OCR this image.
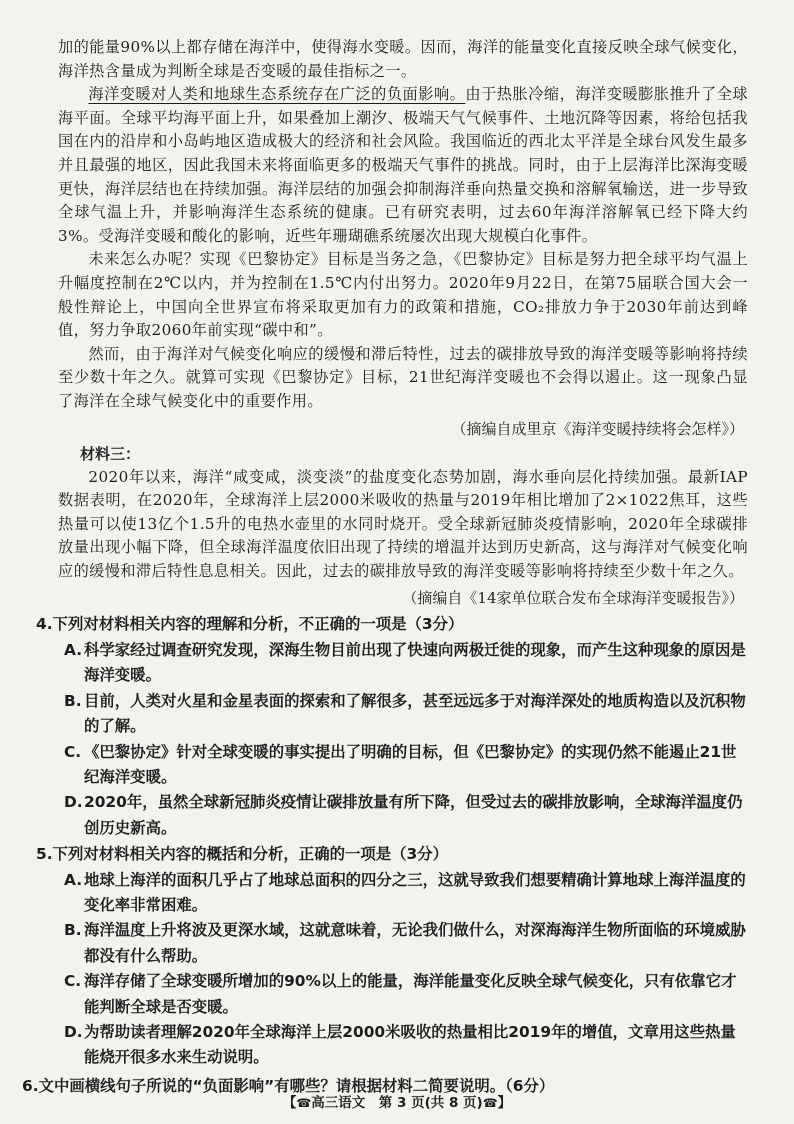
加的能量90%以上都存储在海洋中，使得海水变暖。因而，海洋的能量变化直接反映全球气候变化，海洋热含量成为判断全球是否变暖的最佳指标之一。

海洋变暖对人类和地球生态系统存在广泛的负面影响。由于热胀冷缩，海洋变暖膨胀推升了全球海平面。全球平均海平面上升，如果叠加上潮汐、极端天气气候事件、土地沉降等因素，将给包括我国在内的沿岸和小岛屿地区造成极大的经济和社会风险。我国临近的西北太平洋是全球台风发生最多并且最强的地区，因此我国未来将面临更多的极端天气事件的挑战。同时，由于上层海洋比深海变暖更快，海洋层结也在持续加强。海洋层结的加强会抑制海洋垂向热量交换和溶解氧输送，进一步导致全球气温上升，并影响海洋生态系统的健康。已有研究表明，过去60年海洋溶解氧已经下降大约3%。受海洋变暖和酸化的影响，近些年珊瑚礁系统屡次出现大规模白化事件。

未来怎么办呢？实现《巴黎协定》目标是当务之急，《巴黎协定》目标是努力把全球平均气温上升幅度控制在2℃以内，并为控制在1.5℃内付出努力。2020年9月22日，在第75届联合国大会一般性辩论上，中国向全世界宣布将采取更加有力的政策和措施，CO₂排放力争于2030年前达到峰值，努力争取2060年前实现“碳中和”。

然而，由于海洋对气候变化响应的缓慢和滞后特性，过去的碳排放导致的海洋变暖等影响将持续至少数十年之久。就算可实现《巴黎协定》目标，21世纪海洋变暖也不会得以遏止。这一现象凸显了海洋在全球气候变化中的重要作用。

（摘编自成里京《海洋变暖持续将会怎样》）

材料三：

2020年以来，海洋“咸变咸，淡变淡”的盐度变化态势加剧，海水垂向层化持续加强。最新IAP数据表明，在2020年，全球海洋上层2000米吸收的热量与2019年相比增加了2×1022焦耳，这些热量可以使13亿个1.5升的电热水壶里的水同时烧开。受全球新冠肺炎疫情影响，2020年全球碳排放量出现小幅下降，但全球海洋温度依旧出现了持续的增温并达到历史新高，这与海洋对气候变化响应的缓慢和滞后特性息息相关。因此，过去的碳排放导致的海洋变暖等影响将持续至少数十年之久。

（摘编自《14家单位联合发布全球海洋变暖报告》）

4.下列对材料相关内容的理解和分析，不正确的一项是（3分）

A. 科学家经过调查研究发现，深海生物目前出现了快速向两极迁徙的现象，而产生这种现象的原因是海洋变暖。

B. 目前，人类对火星和金星表面的探索和了解很多，甚至远远多于对海洋深处的地质构造以及沉积物的了解。

C. 《巴黎协定》针对全球变暖的事实提出了明确的目标，但《巴黎协定》的实现仍然不能遏止21世纪海洋变暖。

D.2020年，虽然全球新冠肺炎疫情让碳排放量有所下降，但受过去的碳排放影响，全球海洋温度仍创历史新高。

5.下列对材料相关内容的概括和分析，正确的一项是（3分）

A. 地球上海洋的面积几乎占了地球总面积的四分之三，这就导致我们想要精确计算地球上海洋温度的变化率非常困难。

B. 海洋温度上升将波及更深水域，这就意味着，无论我们做什么，对深海海洋生物所面临的环境威胁都没有什么帮助。

C. 海洋存储了全球变暖所增加的90%以上的能量，海洋能量变化反映全球气候变化，只有依靠它才能判断全球是否变暖。

D.为帮助读者理解2020年全球海洋上层2000米吸收的热量相比2019年的增值，文章用这些热量能烧开很多水来生动说明。

6.文中画横线句子所说的“负面影响”有哪些？请根据材料二简要说明。（6分）

【☎高三语文　第 3 页(共 8 页)☎】
